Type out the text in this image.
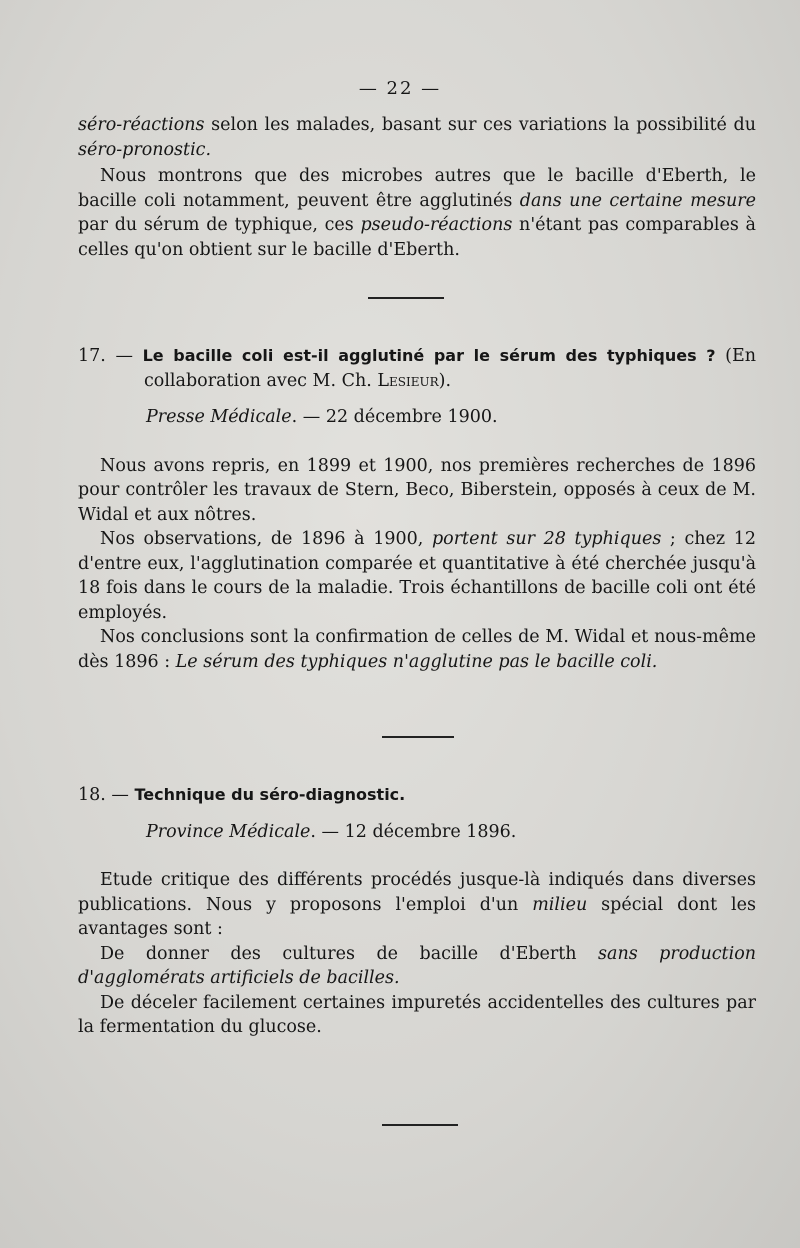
— 22 —

séro-réactions selon les malades, basant sur ces variations la possibilité du séro-pronostic.

Nous montrons que des microbes autres que le bacille d'Eberth, le bacille coli notamment, peuvent être agglutinés dans une certaine mesure par du sérum de typhique, ces pseudo-réactions n'étant pas comparables à celles qu'on obtient sur le bacille d'Eberth.

17. — Le bacille coli est-il agglutiné par le sérum des typhiques ? (En collaboration avec M. Ch. Lesieur).

Presse Médicale. — 22 décembre 1900.

Nous avons repris, en 1899 et 1900, nos premières recherches de 1896 pour contrôler les travaux de Stern, Beco, Biberstein, opposés à ceux de M. Widal et aux nôtres.

Nos observations, de 1896 à 1900, portent sur 28 typhiques ; chez 12 d'entre eux, l'agglutination comparée et quantitative à été cherchée jusqu'à 18 fois dans le cours de la maladie. Trois échantillons de bacille coli ont été employés.

Nos conclusions sont la confirmation de celles de M. Widal et nous-même dès 1896 : Le sérum des typhiques n'agglutine pas le bacille coli.

18. — Technique du séro-diagnostic.

Province Médicale. — 12 décembre 1896.

Etude critique des différents procédés jusque-là indiqués dans diverses publications. Nous y proposons l'emploi d'un milieu spécial dont les avantages sont :

De donner des cultures de bacille d'Eberth sans production d'agglomérats artificiels de bacilles.

De déceler facilement certaines impuretés accidentelles des cultures par la fermentation du glucose.
